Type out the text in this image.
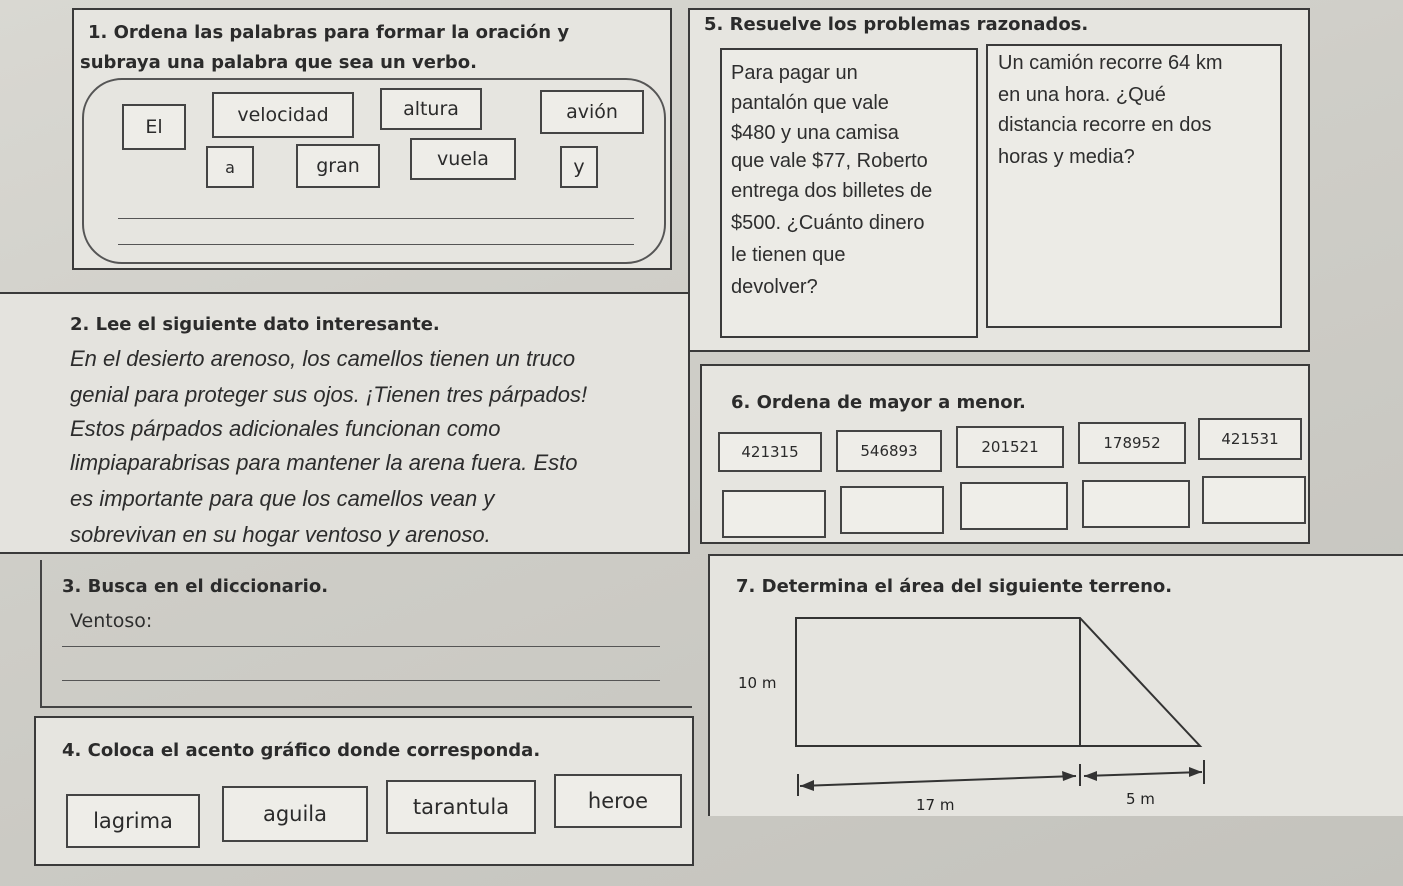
1. Ordena las palabras para formar la oración y
subraya una palabra que sea un verbo.
El
velocidad	altura	avión
a	gran	vuela	y
5. Resuelve los problemas razonados.
Para pagar un
pantalón que vale
$480 y una camisa
que vale $77, Roberto
entrega dos billetes de
$500. ¿Cuánto dinero
le tienen que
devolver?
Un camión recorre 64 km
en una hora. ¿Qué
distancia recorre en dos
horas y media?
2. Lee el siguiente dato interesante.
En el desierto arenoso, los camellos tienen un truco
genial para proteger sus ojos. ¡Tienen tres párpados!
Estos párpados adicionales funcionan como
limpiaparabrisas para mantener la arena fuera. Esto
es importante para que los camellos vean y
sobrevivan en su hogar ventoso y arenoso.
6. Ordena de mayor a menor.
421315	546893	201521	178952	421531
3. Busca en el diccionario.
Ventoso:
7. Determina el área del siguiente terreno.
10 m
17 m	5 m
4. Coloca el acento gráfico donde corresponda.
lagrima	aguila	tarantula	heroe
